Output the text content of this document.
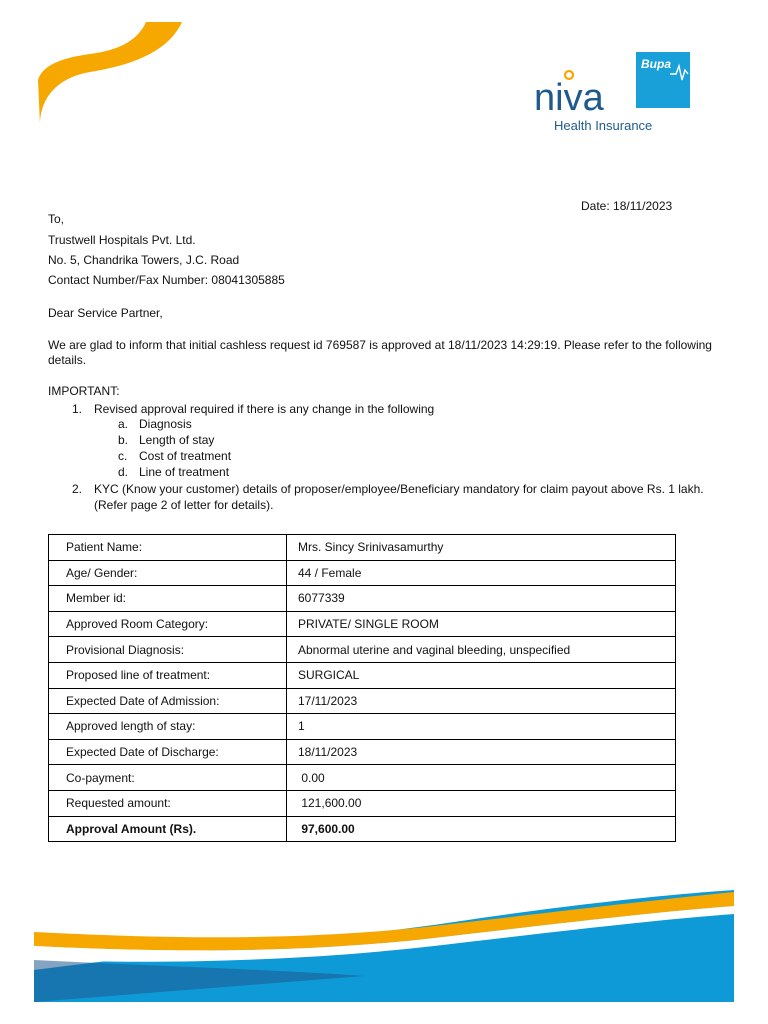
Bupa
niva
Health Insurance
Date: 18/11/2023
To,
Trustwell Hospitals Pvt. Ltd.
No. 5, Chandrika Towers, J.C. Road
Contact Number/Fax Number: 08041305885
Dear Service Partner,
We are glad to inform that initial cashless request id 769587 is approved at 18/11/2023 14:29:19. Please refer to the following
details.
IMPORTANT:
1. Revised approval required if there is any change in the following
a. Diagnosis
b. Length of stay
c. Cost of treatment
d. Line of treatment
2. KYC (Know your customer) details of proposer/employee/Beneficiary mandatory for claim payout above Rs. 1 lakh.
(Refer page 2 of letter for details).
Patient Name:	Mrs. Sincy Srinivasamurthy
Age/ Gender:	44 / Female
Member id:	6077339
Approved Room Category:	PRIVATE/ SINGLE ROOM
Provisional Diagnosis:	Abnormal uterine and vaginal bleeding, unspecified
Proposed line of treatment:	SURGICAL
Expected Date of Admission:	17/11/2023
Approved length of stay:	1
Expected Date of Discharge:	18/11/2023
Co-payment:	0.00
Requested amount:	121,600.00
Approval Amount (Rs).	97,600.00
